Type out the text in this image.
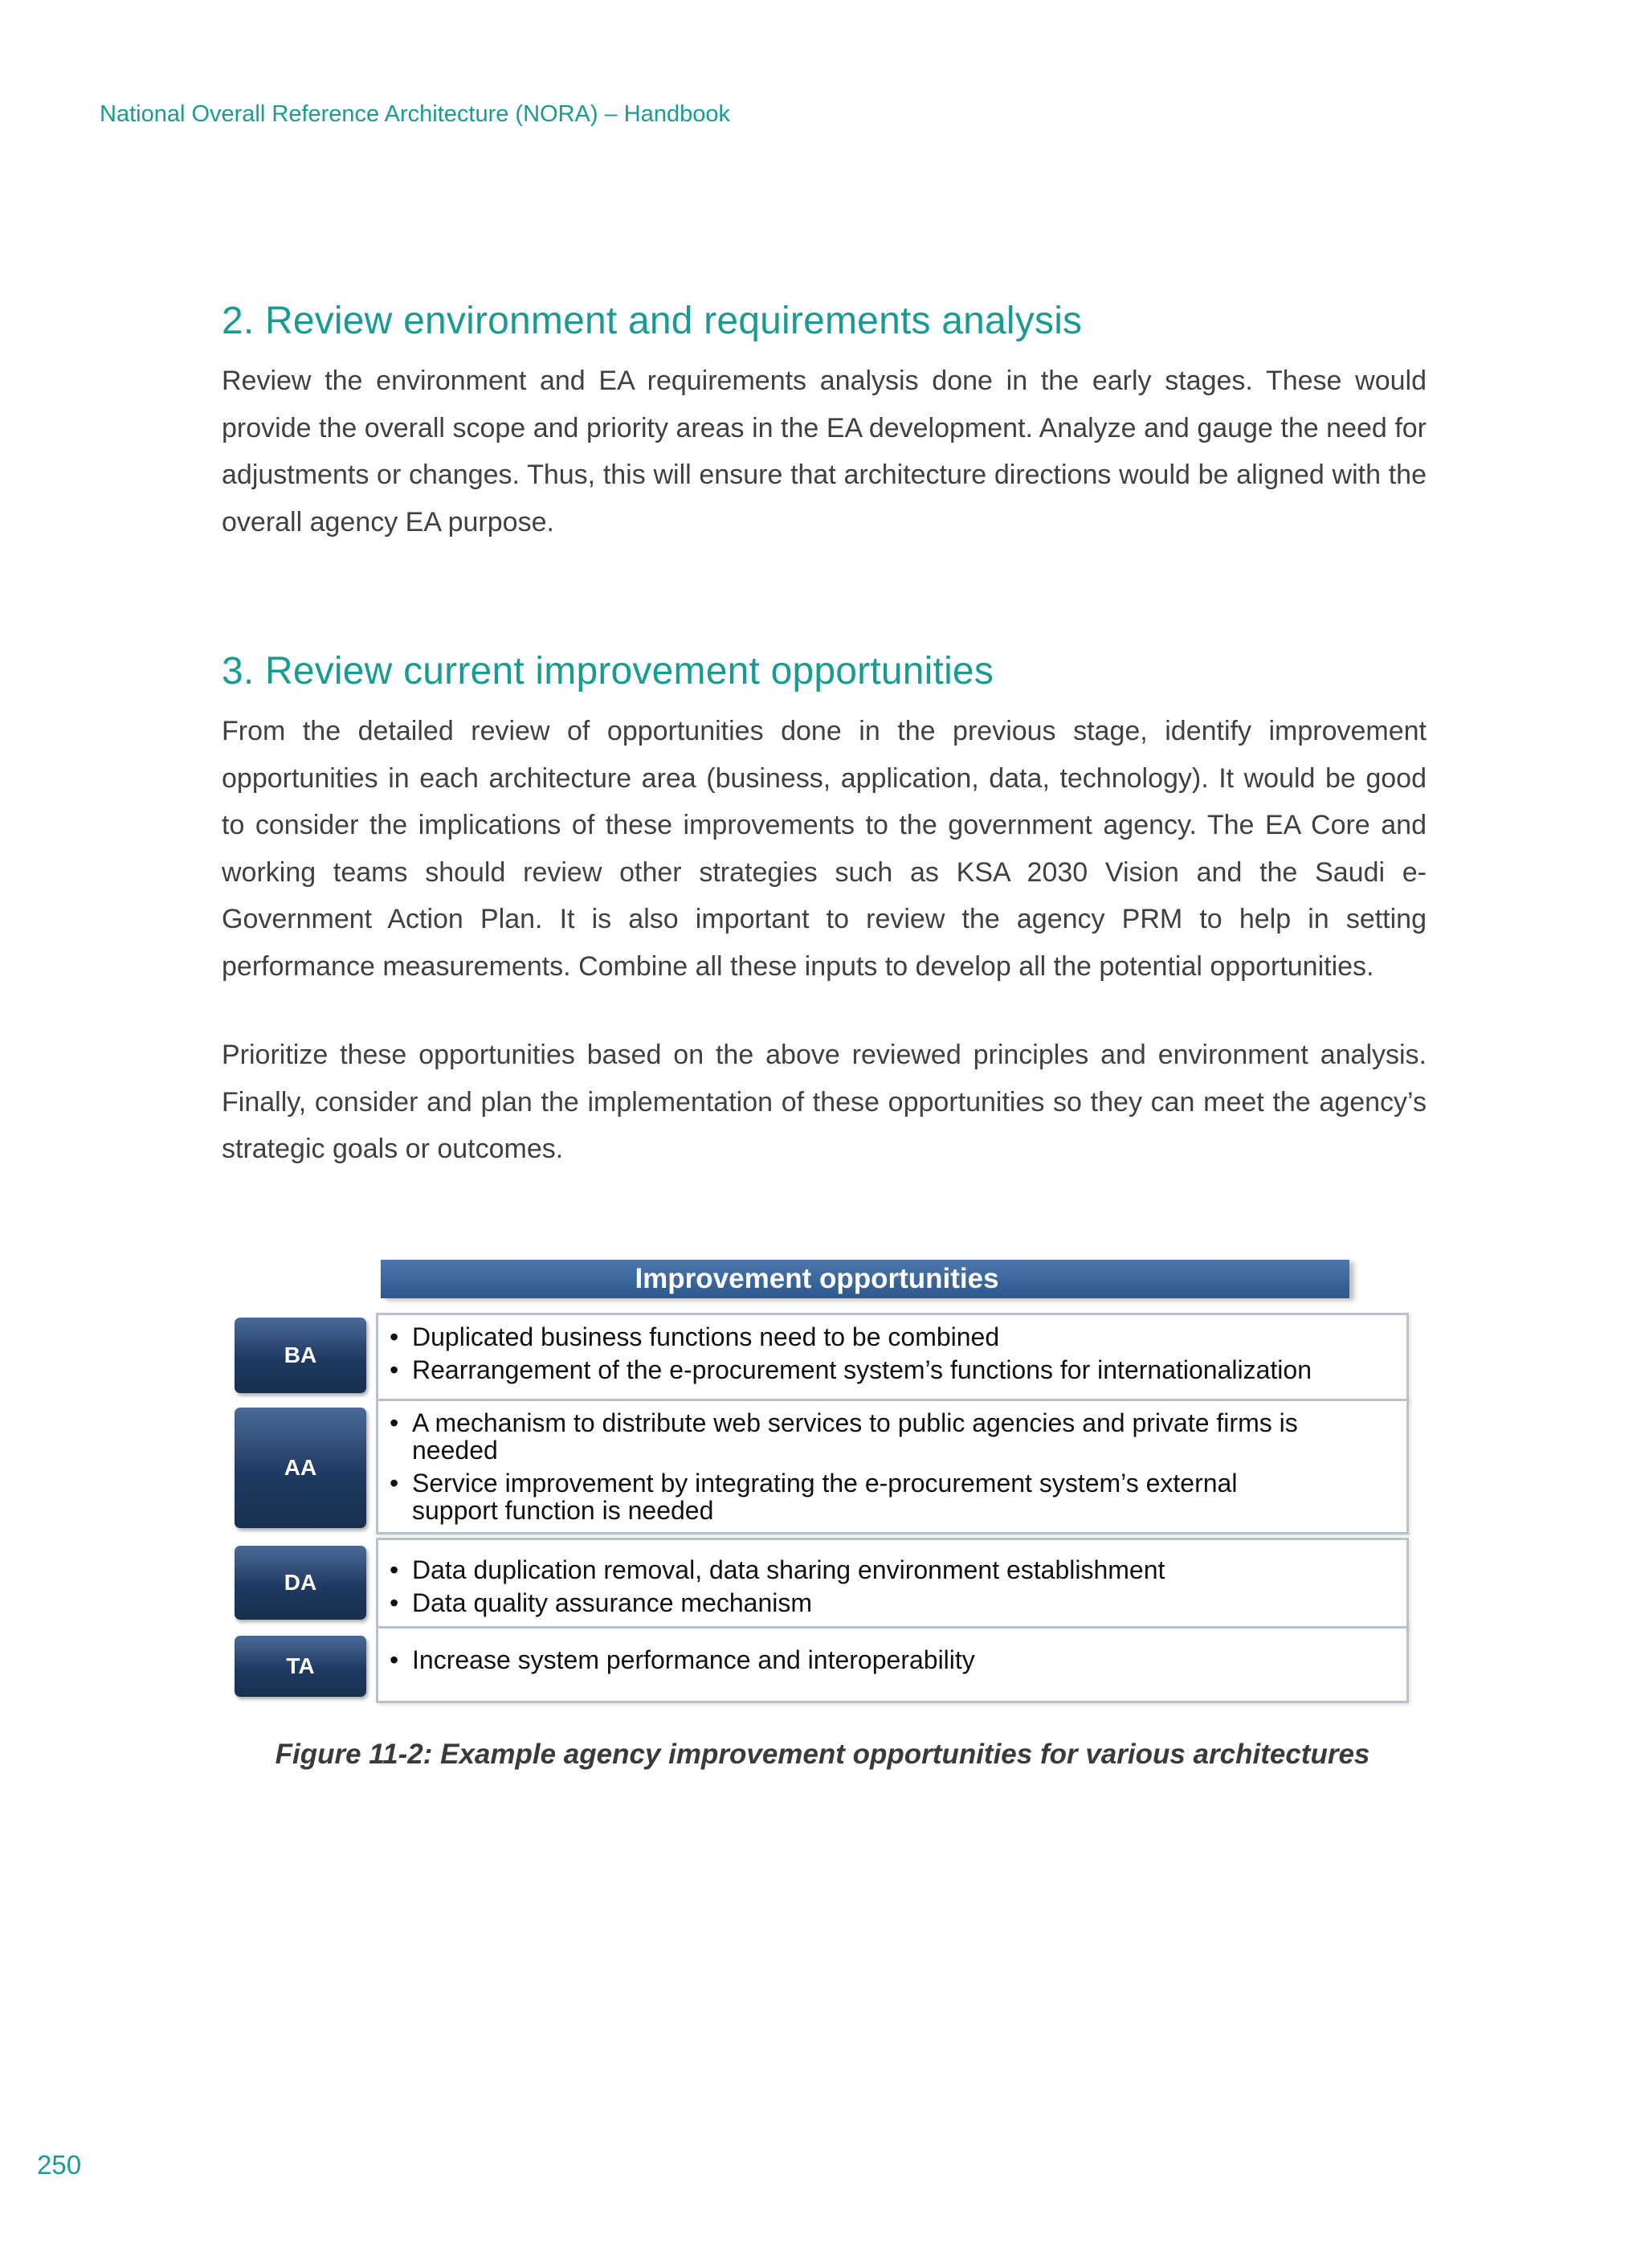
National Overall Reference Architecture (NORA) – Handbook
2. Review environment and requirements analysis

Review the environment and EA requirements analysis done in the early stages. These would provide the overall scope and priority areas in the EA development. Analyze and gauge the need for adjustments or changes. Thus, this will ensure that architecture directions would be aligned with the overall agency EA purpose.

3. Review current improvement opportunities

From the detailed review of opportunities done in the previous stage, identify improvement opportunities in each architecture area (business, application, data, technology). It would be good to consider the implications of these improvements to the government agency. The EA Core and working teams should review other strategies such as KSA 2030 Vision and the Saudi e-Government Action Plan. It is also important to review the agency PRM to help in setting performance measurements. Combine all these inputs to develop all the potential opportunities.

Prioritize these opportunities based on the above reviewed principles and environment analysis. Finally, consider and plan the implementation of these opportunities so they can meet the agency’s strategic goals or outcomes.

Improvement opportunities
BA
• Duplicated business functions need to be combined
• Rearrangement of the e-procurement system’s functions for internationalization
AA
• A mechanism to distribute web services to public agencies and private firms is needed
• Service improvement by integrating the e-procurement system’s external support function is needed
DA	• Data duplication removal, data sharing environment establishment
• Data quality assurance mechanism
TA	• Increase system performance and interoperability
Figure 11-2: Example agency improvement opportunities for various architectures
250
